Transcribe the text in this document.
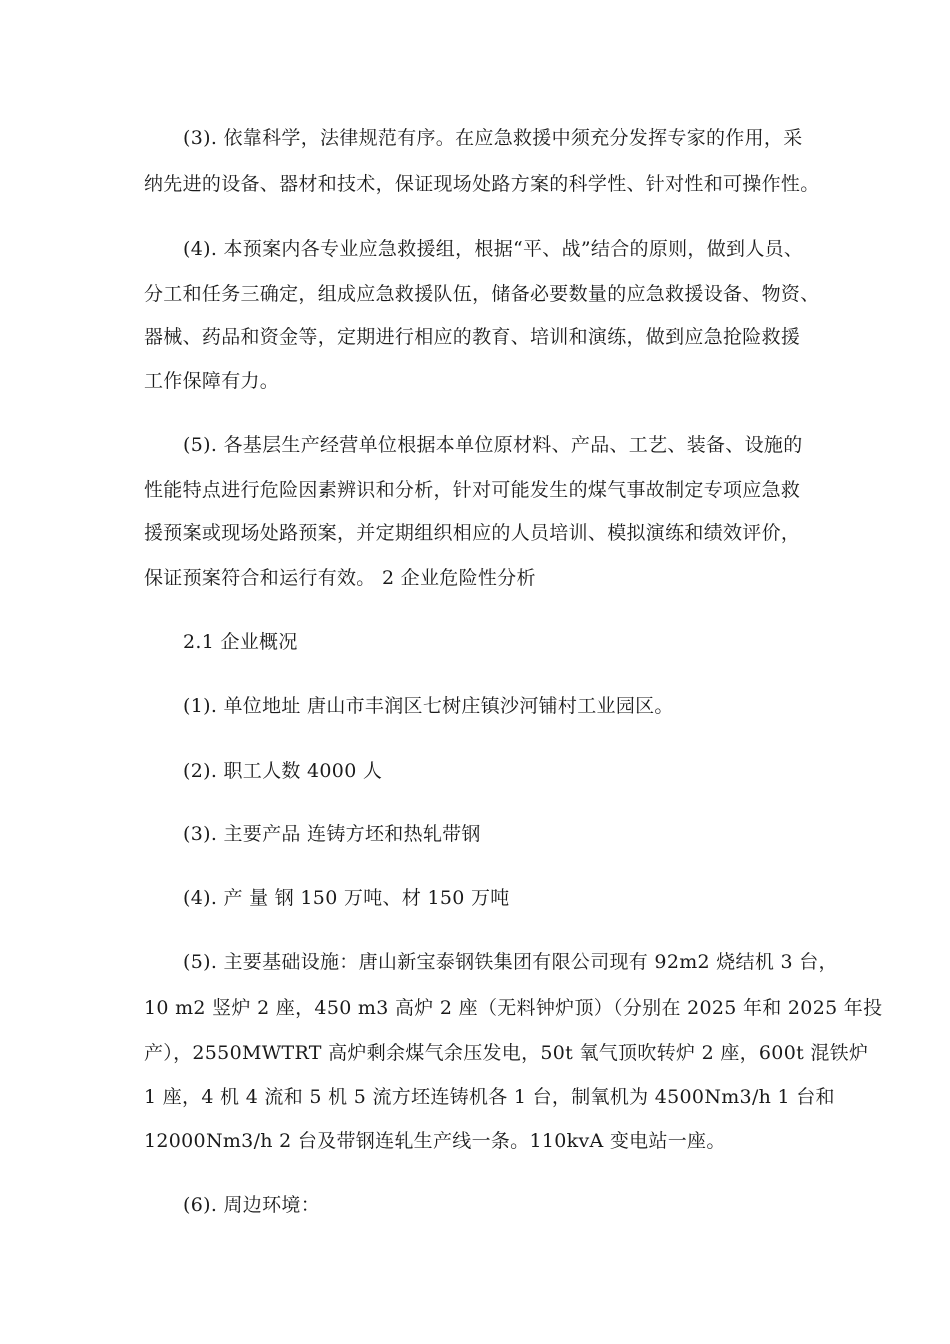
(3). 依靠科学，法律规范有序。在应急救援中须充分发挥专家的作用，采
纳先进的设备、器材和技术，保证现场处路方案的科学性、针对性和可操作性。
(4). 本预案内各专业应急救援组，根据“平、战”结合的原则，做到人员、
分工和任务三确定，组成应急救援队伍，储备必要数量的应急救援设备、物资、
器械、药品和资金等，定期进行相应的教育、培训和演练，做到应急抢险救援
工作保障有力。
(5). 各基层生产经营单位根据本单位原材料、产品、工艺、装备、设施的
性能特点进行危险因素辨识和分析，针对可能发生的煤气事故制定专项应急救
援预案或现场处路预案，并定期组织相应的人员培训、模拟演练和绩效评价，
保证预案符合和运行有效。 2 企业危险性分析
2.1 企业概况
(1). 单位地址 唐山市丰润区七树庄镇沙河铺村工业园区。
(2). 职工人数 4000 人
(3). 主要产品 连铸方坯和热轧带钢
(4). 产 量 钢 150 万吨、材 150 万吨
(5). 主要基础设施：唐山新宝泰钢铁集团有限公司现有 92m2 烧结机 3 台，
10 m2 竖炉 2 座，450 m3 高炉 2 座（无料钟炉顶）（分别在 2025 年和 2025 年投
产），2550MWTRT 高炉剩余煤气余压发电，50t 氧气顶吹转炉 2 座，600t 混铁炉
1 座，4 机 4 流和 5 机 5 流方坯连铸机各 1 台，制氧机为 4500Nm3/h 1 台和
12000Nm3/h 2 台及带钢连轧生产线一条。110kvA 变电站一座。
(6). 周边环境：
